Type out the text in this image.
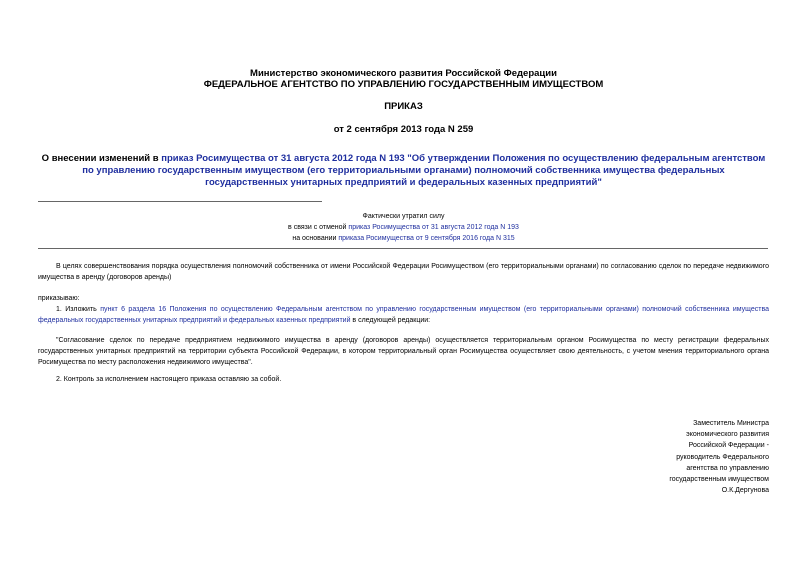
Министерство экономического развития Российской Федерации
ФЕДЕРАЛЬНОЕ АГЕНТСТВО ПО УПРАВЛЕНИЮ ГОСУДАРСТВЕННЫМ ИМУЩЕСТВОМ
ПРИКАЗ
от 2 сентября 2013 года N 259
О внесении изменений в приказ Росимущества от 31 августа 2012 года N 193 "Об утверждении Положения по осуществлению федеральным агентством по управлению государственным имуществом (его территориальными органами) полномочий собственника имущества федеральных государственных унитарных предприятий и федеральных казенных предприятий"
Фактически утратил силу
в связи с отменой приказ Росимущества от 31 августа 2012 года N 193
на основании приказа Росимущества от 9 сентября 2016 года N 315
В целях совершенствования порядка осуществления полномочий собственника от имени Российской Федерации Росимуществом (его территориальными органами) по согласованию сделок по передаче недвижимого имущества в аренду (договоров аренды)
приказываю:
1. Изложить пункт 6 раздела 16 Положения по осуществлению Федеральным агентством по управлению государственным имуществом (его территориальными органами) полномочий собственника имущества федеральных государственных унитарных предприятий и федеральных казенных предприятий в следующей редакции:
"Согласование сделок по передаче предприятием недвижимого имущества в аренду (договоров аренды) осуществляется территориальным органом Росимущества по месту регистрации федеральных государственных унитарных предприятий на территории субъекта Российской Федерации, в котором территориальный орган Росимущества осуществляет свою деятельность, с учетом мнения территориального органа Росимущества по месту расположения недвижимого имущества".
2. Контроль за исполнением настоящего приказа оставляю за собой.
Заместитель Министра
экономического развития
Российской Федерации -
руководитель Федерального
агентства по управлению
государственным имуществом
О.К.Дергунова
